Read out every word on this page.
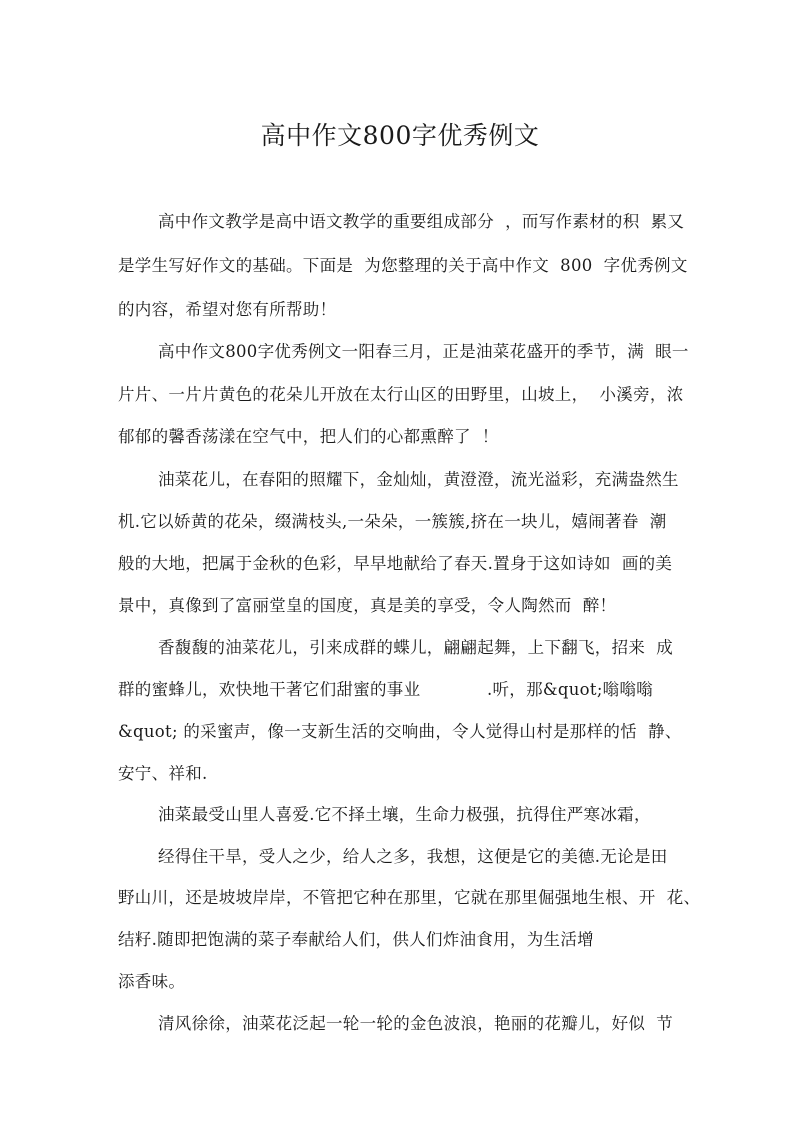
高中作文800字优秀例文
高中作文教学是高中语文教学的重要组成部分  ，而写作素材的积  累又
是学生写好作文的基础。下面是  为您整理的关于高中作文  800  字优秀例文
的内容，希望对您有所帮助！
高中作文800字优秀例文一阳春三月，正是油菜花盛开的季节，满  眼一
片片、一片片黄色的花朵儿开放在太行山区的田野里，山坡上，  小溪旁，浓
郁郁的馨香荡漾在空气中，把人们的心都熏醉了  ！
油菜花儿，在春阳的照耀下，金灿灿，黄澄澄，流光溢彩，充满盎然生
机.它以娇黄的花朵，缀满枝头,一朵朵，一簇簇,挤在一块儿，嬉闹著眷  潮
般的大地，把属于金秋的色彩，早早地献给了春天.置身于这如诗如  画的美
景中，真像到了富丽堂皇的国度，真是美的享受，令人陶然而  醉！
香馥馥的油菜花儿，引来成群的蝶儿，翩翩起舞，上下翻飞，招来  成
群的蜜蜂儿，欢快地干著它们甜蜜的事业            .听，那&quot;嗡嗡嗡
&quot; 的采蜜声，像一支新生活的交响曲，令人觉得山村是那样的恬  静、
安宁、祥和.
油菜最受山里人喜爱.它不择土壤，生命力极强，抗得住严寒冰霜，
经得住干旱，受人之少，给人之多，我想，这便是它的美德.无论是田
野山川，还是坡坡岸岸，不管把它种在那里，它就在那里倔强地生根、开  花、
结籽.随即把饱满的菜子奉献给人们，供人们炸油食用，为生活增
添香味。
清风徐徐，油菜花泛起一轮一轮的金色波浪，艳丽的花瓣儿，好似  节
